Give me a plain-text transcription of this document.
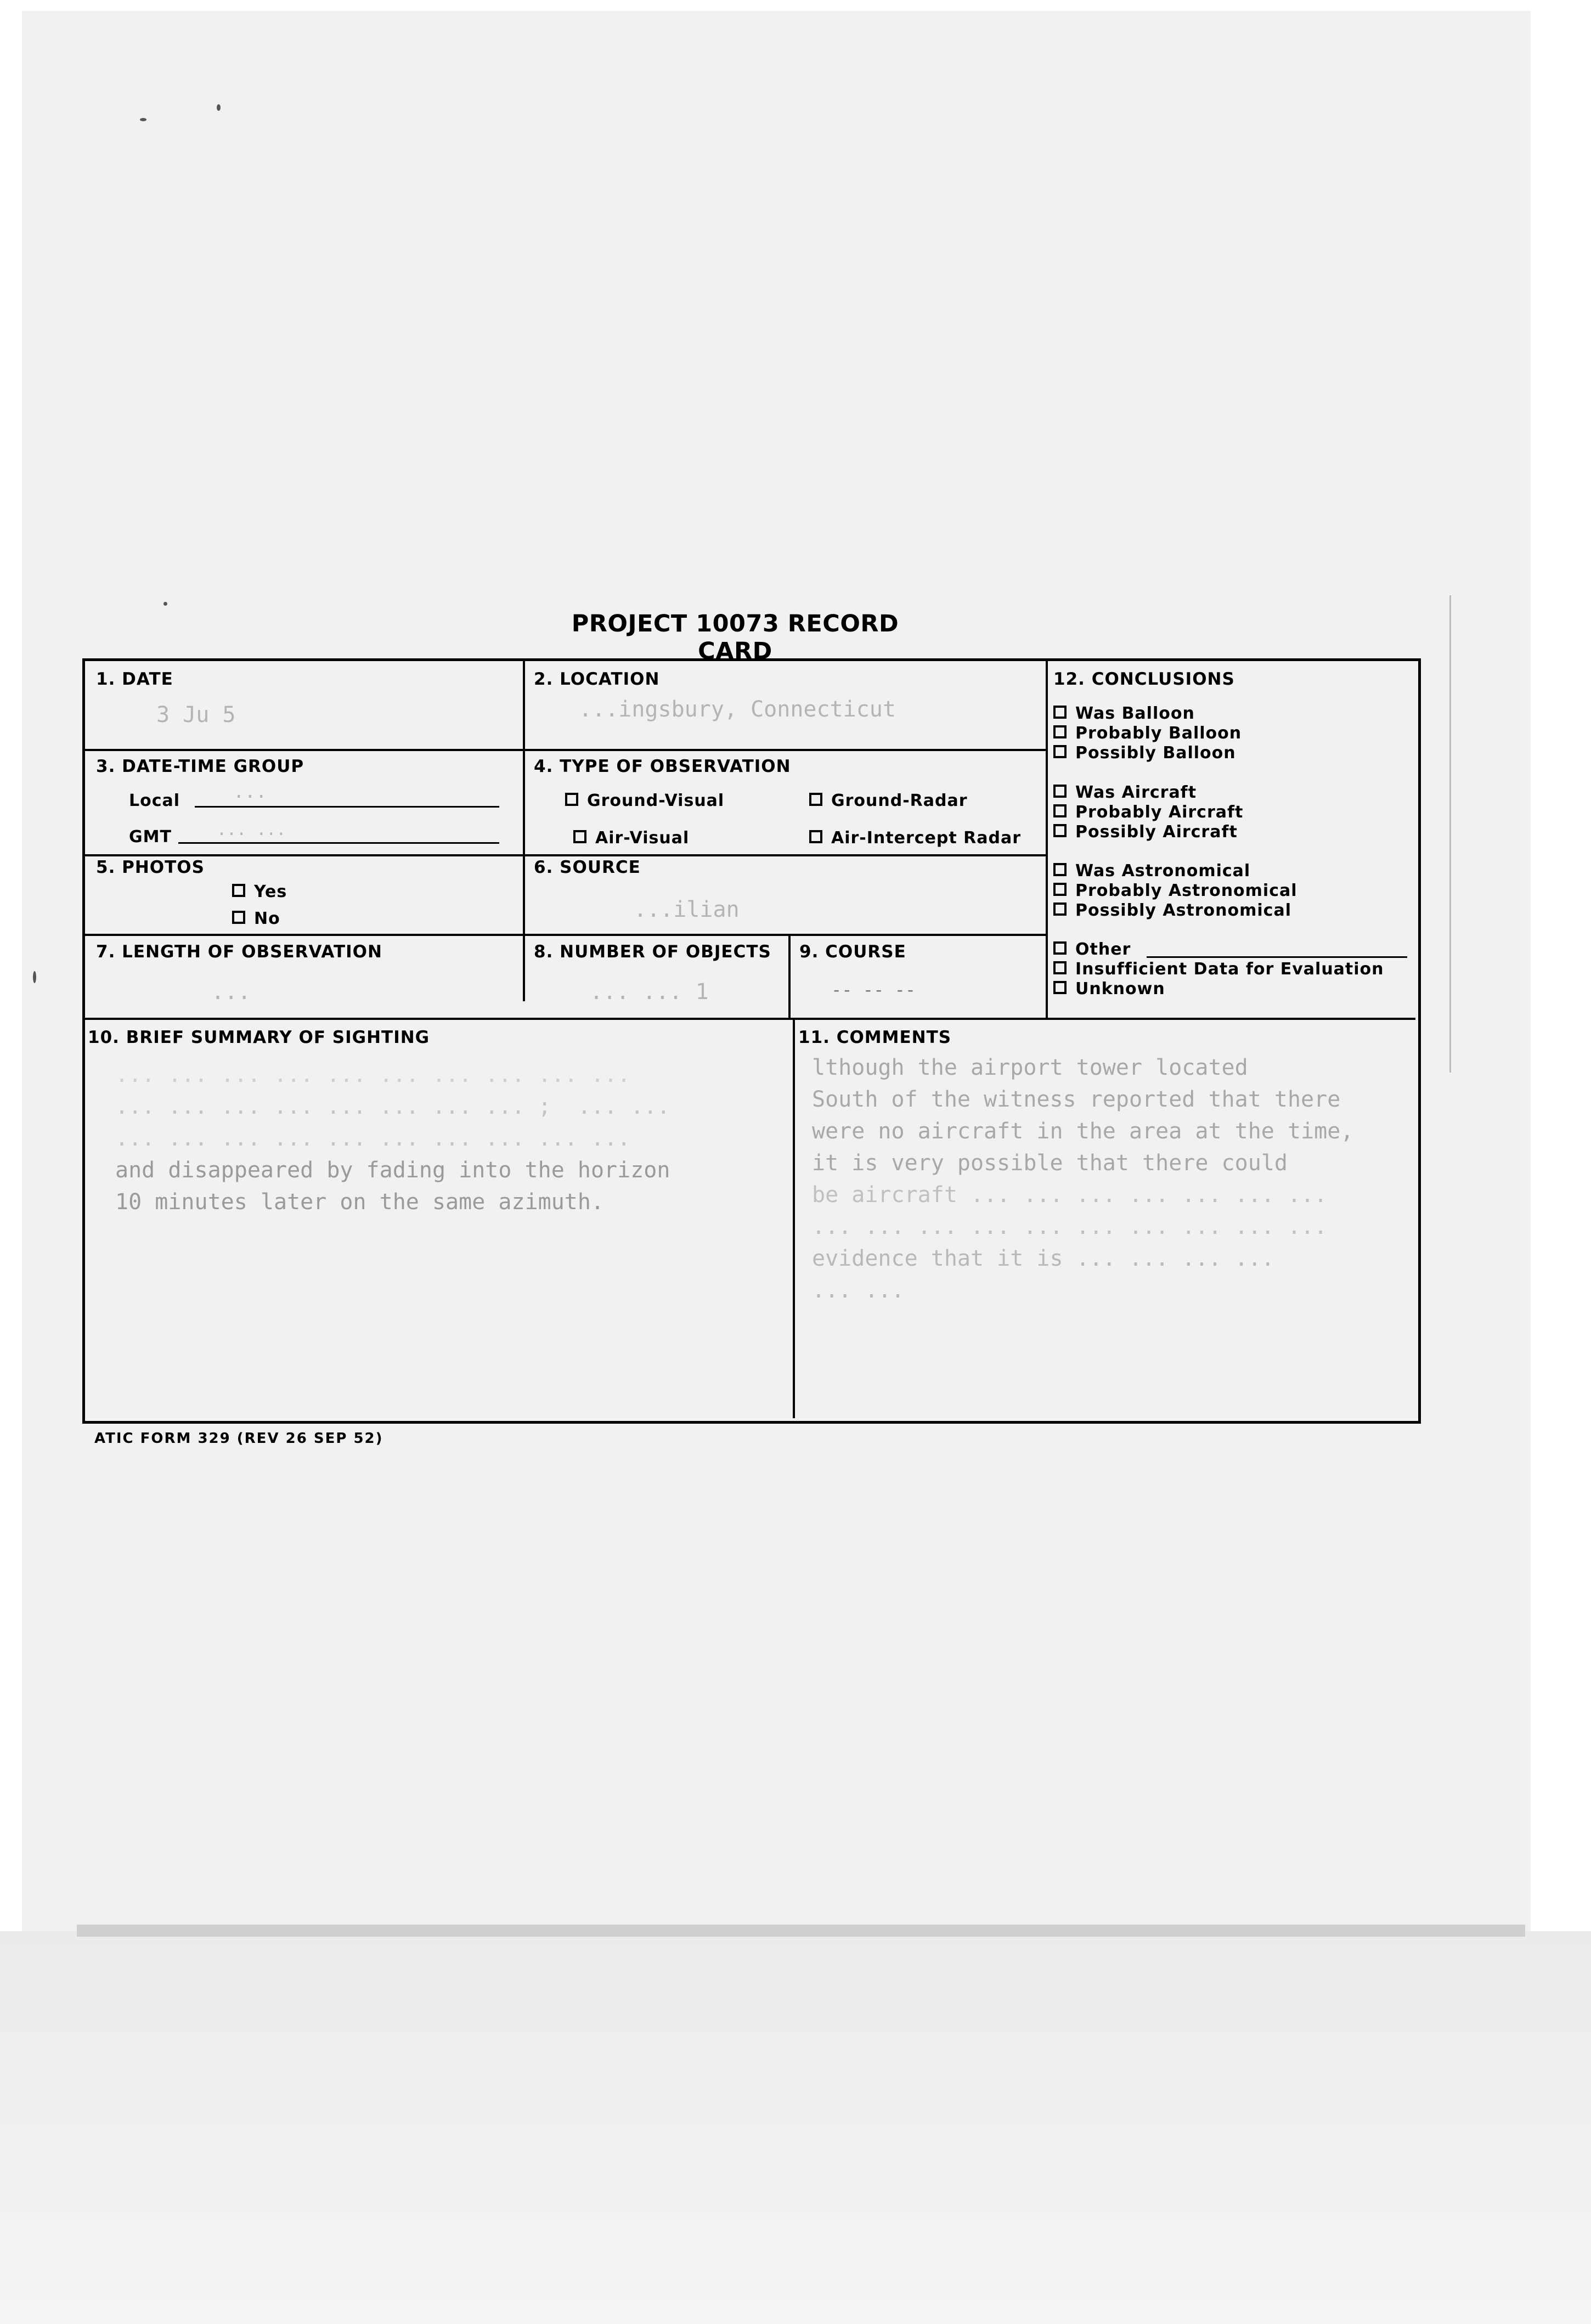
PROJECT 10073 RECORD CARD
1. DATE
3 Ju 5
2. LOCATION
...ingsbury, Connecticut
3. DATE-TIME GROUP
Local	...
GMT	... ...
4. TYPE OF OBSERVATION
Ground-Visual	Ground-Radar
Air-Visual	Air-Intercept Radar
5. PHOTOS
Yes
No
6. SOURCE
...ilian
7. LENGTH OF OBSERVATION
...
8. NUMBER OF OBJECTS
... ... 1
9. COURSE
-- -- --
10. BRIEF SUMMARY OF SIGHTING
... ... ... ... ... ... ... ... ... ...
... ... ... ... ... ... ... ... ;  ... ...
... ... ... ... ... ... ... ... ... ...
and disappeared by fading into the horizon
10 minutes later on the same azimuth.
11. COMMENTS
lthough the airport tower located
South of the witness reported that there
were no aircraft in the area at the time,
it is very possible that there could
be aircraft ... ... ... ... ... ... ...
... ... ... ... ... ... ... ... ... ...
evidence that it is ... ... ... ...
... ...
12. CONCLUSIONS
Was Balloon
Probably Balloon
Possibly Balloon
Was Aircraft
Probably Aircraft
Possibly Aircraft
Was Astronomical
Probably Astronomical
Possibly Astronomical
Other
Insufficient Data for Evaluation
Unknown
ATIC FORM 329 (REV 26 SEP 52)
